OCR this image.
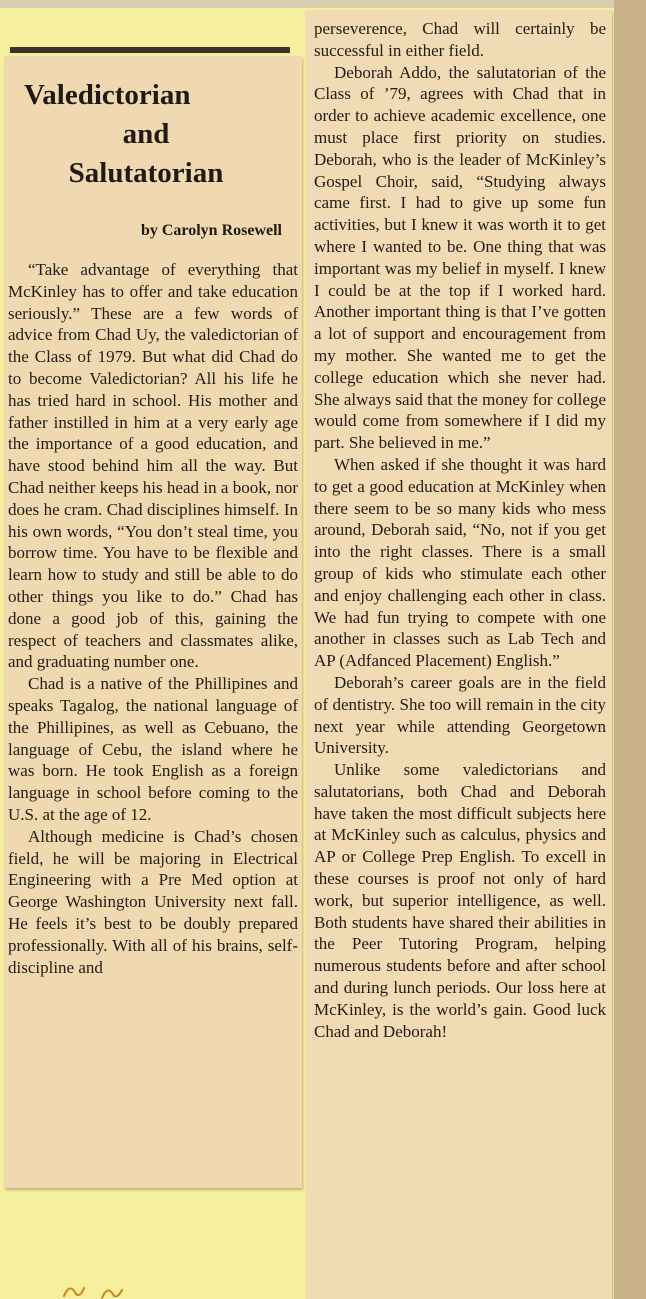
Valedictorian
and
Salutatorian

by Carolyn Rosewell

“Take advantage of everything that McKinley has to offer and take education seriously.” These are a few words of advice from Chad Uy, the valedictorian of the Class of 1979. But what did Chad do to become Valedictorian? All his life he has tried hard in school. His mother and father instilled in him at a very early age the importance of a good education, and have stood behind him all the way. But Chad neither keeps his head in a book, nor does he cram. Chad disciplines himself. In his own words, “You don’t steal time, you borrow time. You have to be flexible and learn how to study and still be able to do other things you like to do.” Chad has done a good job of this, gaining the respect of teachers and classmates alike, and graduating number one.

Chad is a native of the Phillipines and speaks Tagalog, the national language of the Phillipines, as well as Cebuano, the language of Cebu, the island where he was born. He took English as a foreign language in school before coming to the U.S. at the age of 12.

Although medicine is Chad’s chosen field, he will be majoring in Electrical Engineering with a Pre Med option at George Washington University next fall. He feels it’s best to be doubly prepared professionally. With all of his brains, self-discipline and

perseverence, Chad will certainly be successful in either field.

Deborah Addo, the salutatorian of the Class of ’79, agrees with Chad that in order to achieve academic excellence, one must place first priority on studies. Deborah, who is the leader of McKinley’s Gospel Choir, said, “Studying always came first. I had to give up some fun activities, but I knew it was worth it to get where I wanted to be. One thing that was important was my belief in myself. I knew I could be at the top if I worked hard. Another important thing is that I’ve gotten a lot of support and encouragement from my mother. She wanted me to get the college education which she never had. She always said that the money for college would come from somewhere if I did my part. She believed in me.”

When asked if she thought it was hard to get a good education at McKinley when there seem to be so many kids who mess around, Deborah said, “No, not if you get into the right classes. There is a small group of kids who stimulate each other and enjoy challenging each other in class. We had fun trying to compete with one another in classes such as Lab Tech and AP (Adfanced Placement) English.”

Deborah’s career goals are in the field of dentistry. She too will remain in the city next year while attending Georgetown University.

Unlike some valedictorians and salutatorians, both Chad and Deborah have taken the most difficult subjects here at McKinley such as calculus, physics and AP or College Prep English. To excell in these courses is proof not only of hard work, but superior intelligence, as well. Both students have shared their abilities in the Peer Tutoring Program, helping numerous students before and after school and during lunch periods. Our loss here at McKinley, is the world’s gain. Good luck Chad and Deborah!
